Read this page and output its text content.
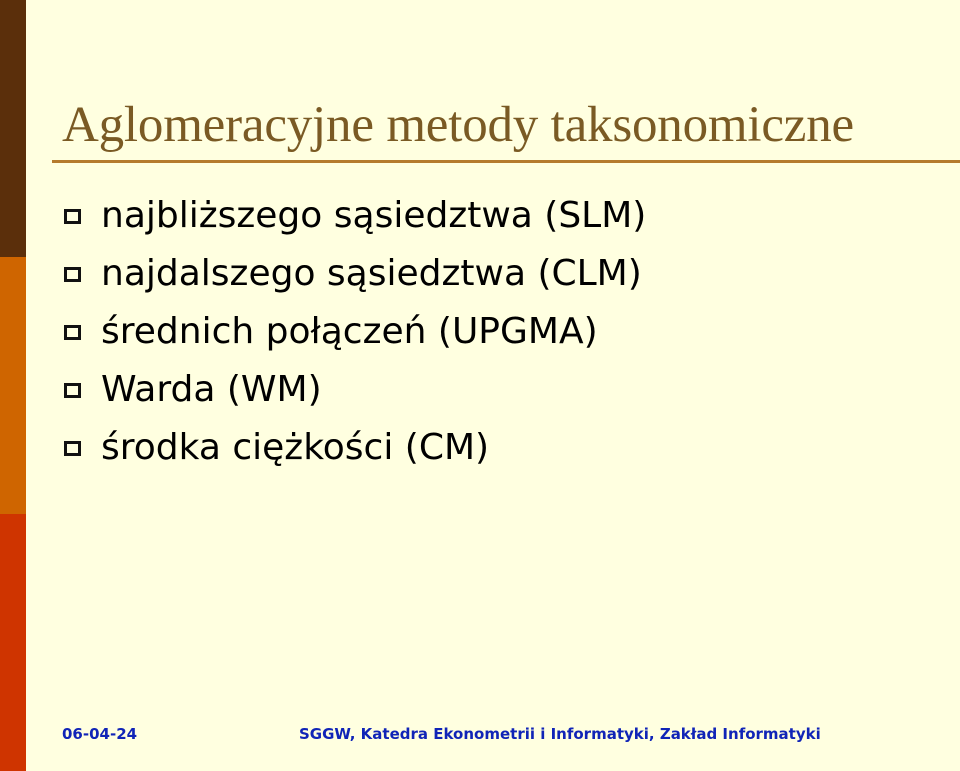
Aglomeracyjne metody taksonomiczne
najbliższego sąsiedztwa (SLM)
najdalszego sąsiedztwa (CLM)
średnich połączeń (UPGMA)
Warda (WM)
środka ciężkości (CM)
06-04-24	SGGW, Katedra Ekonometrii i Informatyki, Zakład Informatyki
